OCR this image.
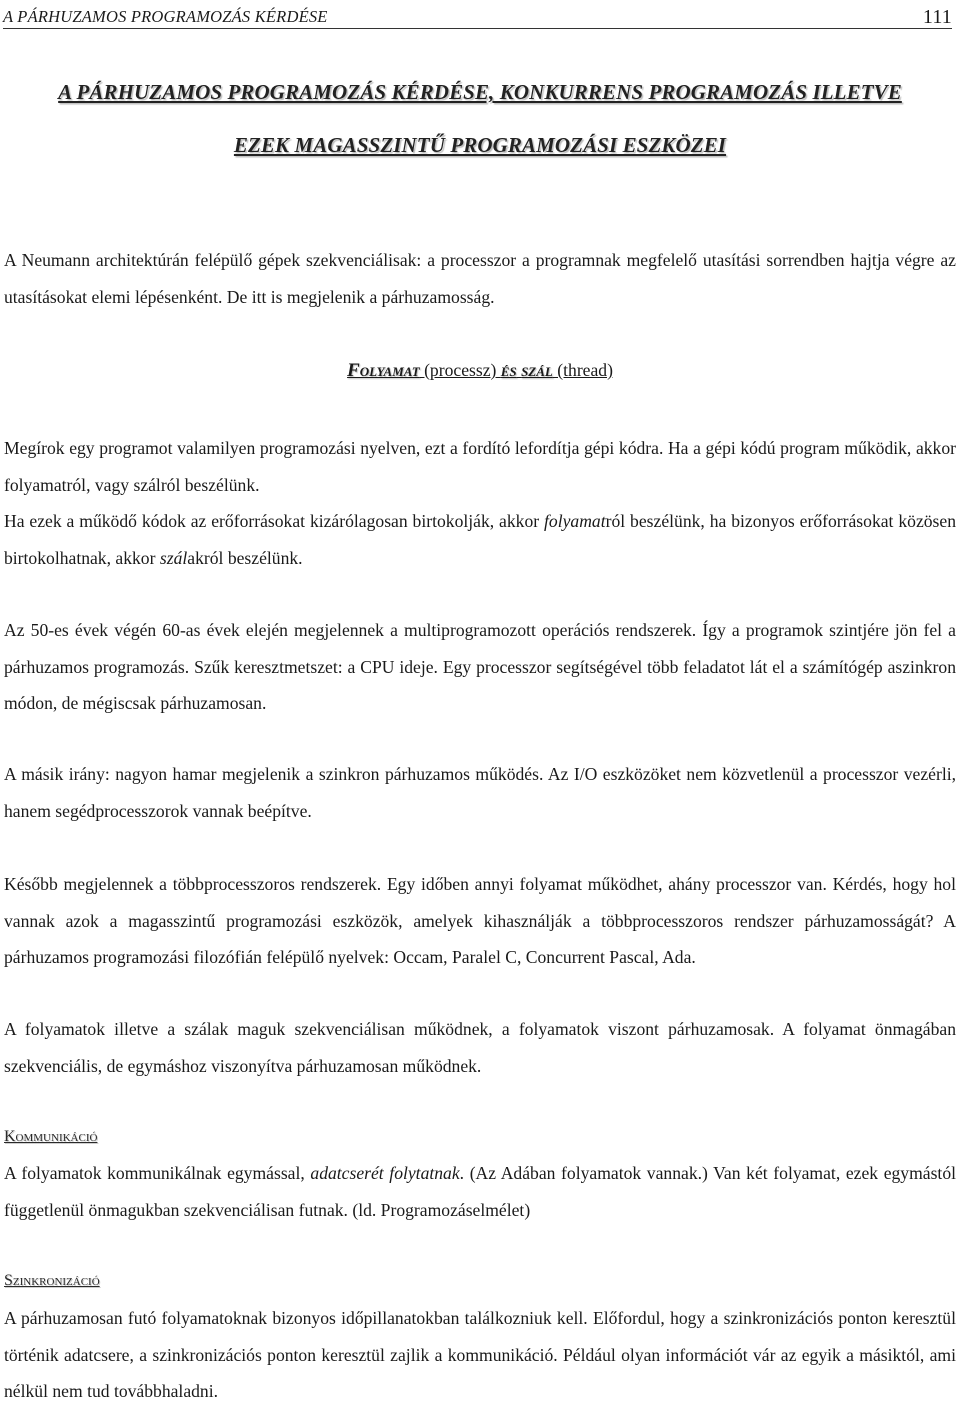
A PÁRHUZAMOS PROGRAMOZÁS KÉRDÉSE	111
A PÁRHUZAMOS PROGRAMOZÁS KÉRDÉSE, KONKURRENS PROGRAMOZÁS ILLETVE
EZEK MAGASSZINTŰ PROGRAMOZÁSI ESZKÖZEI

A Neumann architektúrán felépülő gépek szekvenciálisak: a processzor a programnak megfelelő utasítási sorrendben hajtja végre az utasításokat elemi lépésenként. De itt is megjelenik a párhuzamosság.

Folyamat (processz) és szál (thread)

Megírok egy programot valamilyen programozási nyelven, ezt a fordító lefordítja gépi kódra. Ha a gépi kódú program működik, akkor folyamatról, vagy szálról beszélünk.

Ha ezek a működő kódok az erőforrásokat kizárólagosan birtokolják, akkor folyamatról beszélünk, ha bizonyos erőforrásokat közösen birtokolhatnak, akkor szálakról beszélünk.

Az 50-es évek végén 60-as évek elején megjelennek a multiprogramozott operációs rendszerek. Így a programok szintjére jön fel a párhuzamos programozás. Szűk keresztmetszet: a CPU ideje. Egy processzor segítségével több feladatot lát el a számítógép aszinkron módon, de mégiscsak párhuzamosan.

A másik irány: nagyon hamar megjelenik a szinkron párhuzamos működés. Az I/O eszközöket nem közvetlenül a processzor vezérli, hanem segédprocesszorok vannak beépítve.

Később megjelennek a többprocesszoros rendszerek. Egy időben annyi folyamat működhet, ahány processzor van. Kérdés, hogy hol vannak azok a magasszintű programozási eszközök, amelyek kihasználják a többprocesszoros rendszer párhuzamosságát? A párhuzamos programozási filozófián felépülő nyelvek: Occam, Paralel C, Concurrent Pascal, Ada.

A folyamatok illetve a szálak maguk szekvenciálisan működnek, a folyamatok viszont párhuzamosak. A folyamat önmagában szekvenciális, de egymáshoz viszonyítva párhuzamosan működnek.

Kommunikáció

A folyamatok kommunikálnak egymással, adatcserét folytatnak. (Az Adában folyamatok vannak.) Van két folyamat, ezek egymástól függetlenül önmagukban szekvenciálisan futnak. (ld. Programozáselmélet)

Szinkronizáció

A párhuzamosan futó folyamatoknak bizonyos időpillanatokban találkozniuk kell. Előfordul, hogy a szinkronizációs ponton keresztül történik adatcsere, a szinkronizációs ponton keresztül zajlik a kommunikáció. Például olyan információt vár az egyik a másiktól, ami nélkül nem tud továbbhaladni.
